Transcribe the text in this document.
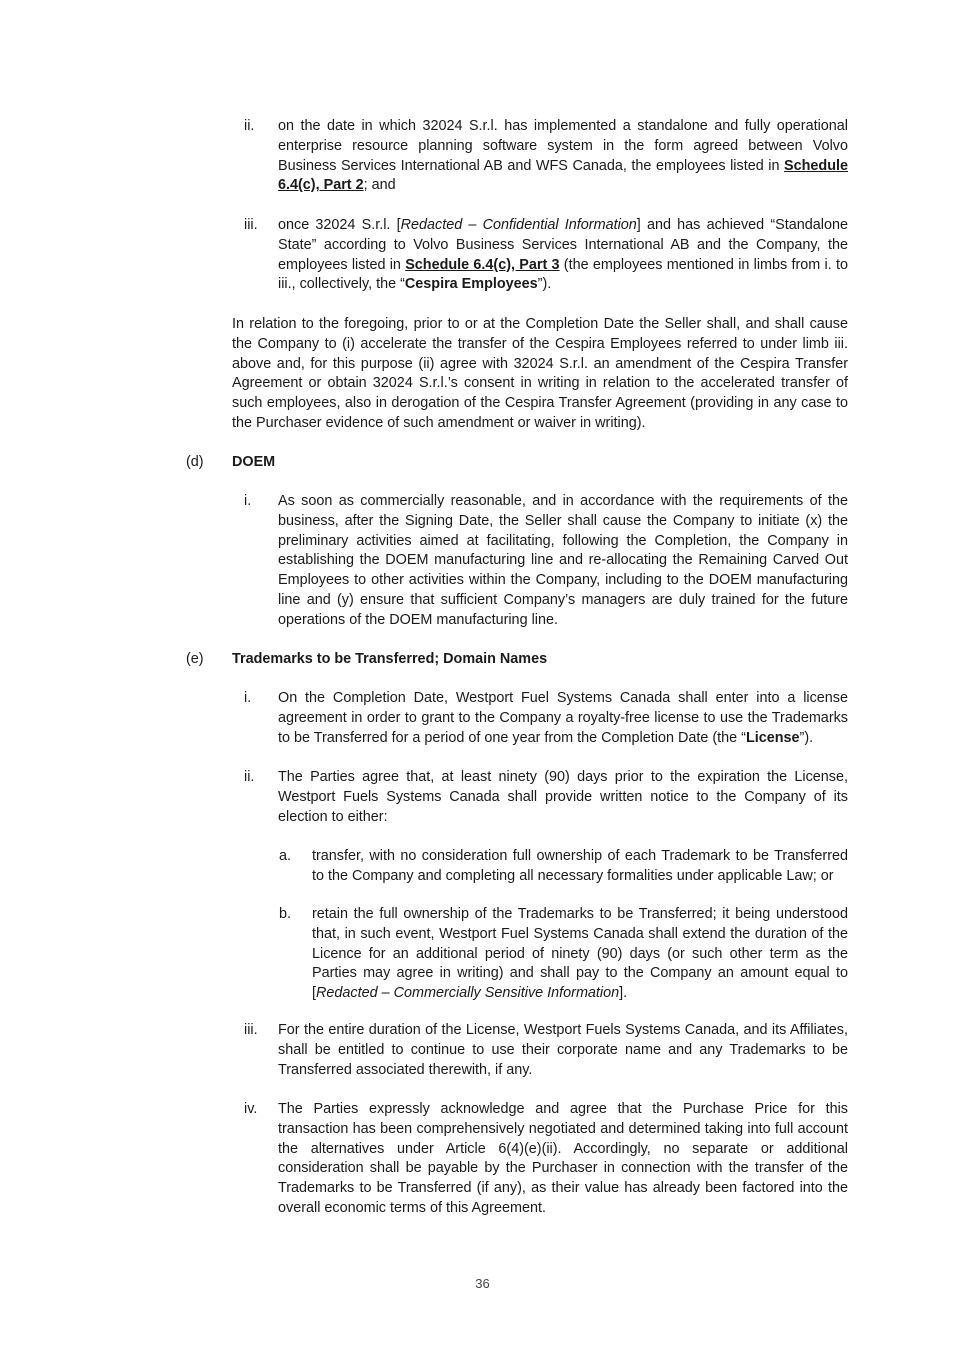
ii. on the date in which 32024 S.r.l. has implemented a standalone and fully operational enterprise resource planning software system in the form agreed between Volvo Business Services International AB and WFS Canada, the employees listed in Schedule 6.4(c), Part 2; and
iii. once 32024 S.r.l. [Redacted – Confidential Information] and has achieved “Standalone State” according to Volvo Business Services International AB and the Company, the employees listed in Schedule 6.4(c), Part 3 (the employees mentioned in limbs from i. to iii., collectively, the “Cespira Employees”).
In relation to the foregoing, prior to or at the Completion Date the Seller shall, and shall cause the Company to (i) accelerate the transfer of the Cespira Employees referred to under limb iii. above and, for this purpose (ii) agree with 32024 S.r.l. an amendment of the Cespira Transfer Agreement or obtain 32024 S.r.l.’s consent in writing in relation to the accelerated transfer of such employees, also in derogation of the Cespira Transfer Agreement (providing in any case to the Purchaser evidence of such amendment or waiver in writing).
(d) DOEM
i. As soon as commercially reasonable, and in accordance with the requirements of the business, after the Signing Date, the Seller shall cause the Company to initiate (x) the preliminary activities aimed at facilitating, following the Completion, the Company in establishing the DOEM manufacturing line and re-allocating the Remaining Carved Out Employees to other activities within the Company, including to the DOEM manufacturing line and (y) ensure that sufficient Company’s managers are duly trained for the future operations of the DOEM manufacturing line.
(e) Trademarks to be Transferred; Domain Names
i. On the Completion Date, Westport Fuel Systems Canada shall enter into a license agreement in order to grant to the Company a royalty-free license to use the Trademarks to be Transferred for a period of one year from the Completion Date (the “License”).
ii. The Parties agree that, at least ninety (90) days prior to the expiration the License, Westport Fuels Systems Canada shall provide written notice to the Company of its election to either:
a. transfer, with no consideration full ownership of each Trademark to be Transferred to the Company and completing all necessary formalities under applicable Law; or
b. retain the full ownership of the Trademarks to be Transferred; it being understood that, in such event, Westport Fuel Systems Canada shall extend the duration of the Licence for an additional period of ninety (90) days (or such other term as the Parties may agree in writing) and shall pay to the Company an amount equal to [Redacted – Commercially Sensitive Information].
iii. For the entire duration of the License, Westport Fuels Systems Canada, and its Affiliates, shall be entitled to continue to use their corporate name and any Trademarks to be Transferred associated therewith, if any.
iv. The Parties expressly acknowledge and agree that the Purchase Price for this transaction has been comprehensively negotiated and determined taking into full account the alternatives under Article 6(4)(e)(ii). Accordingly, no separate or additional consideration shall be payable by the Purchaser in connection with the transfer of the Trademarks to be Transferred (if any), as their value has already been factored into the overall economic terms of this Agreement.
36
